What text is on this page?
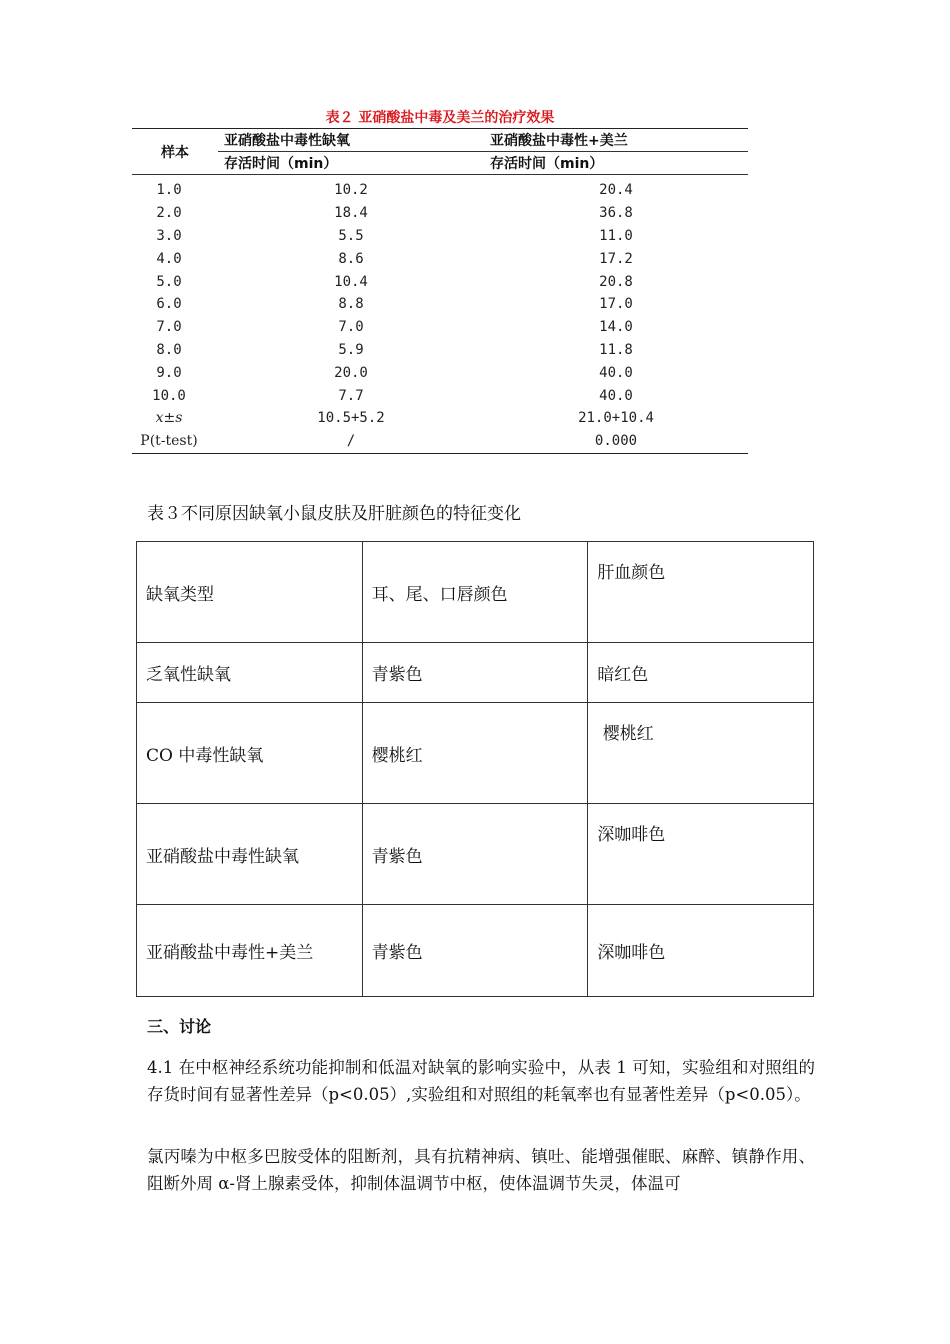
表２ 亚硝酸盐中毒及美兰的治疗效果
样本	亚硝酸盐中毒性缺氧	亚硝酸盐中毒性+美兰
	存活时间（min）	存活时间（min）
1.0	10.2	20.4
2.0	18.4	36.8
3.0	5.5	11.0
4.0	8.6	17.2
5.0	10.4	20.8
6.0	8.8	17.0
7.0	7.0	14.0
8.0	5.9	11.8
9.0	20.0	40.0
10.0	7.7	40.0
x±s	10.5+5.2	21.0+10.4
P(t-test)	/	0.000
表３不同原因缺氧小鼠皮肤及肝脏颜色的特征变化
缺氧类型	耳、尾、口唇颜色	肝血颜色
乏氧性缺氧	青紫色	暗红色
CO 中毒性缺氧	樱桃红	樱桃红
亚硝酸盐中毒性缺氧	青紫色	深咖啡色
亚硝酸盐中毒性+美兰	青紫色	深咖啡色
三、讨论
4.1 在中枢神经系统功能抑制和低温对缺氧的影响实验中，从表 1 可知，实验组和对照组的存货时间有显著性差异（p<0.05）,实验组和对照组的耗氧率也有显著性差异（p<0.05）。
氯丙嗪为中枢多巴胺受体的阻断剂，具有抗精神病、镇吐、能增强催眠、麻醉、镇静作用、阻断外周 α-肾上腺素受体，抑制体温调节中枢，使体温调节失灵，体温可
